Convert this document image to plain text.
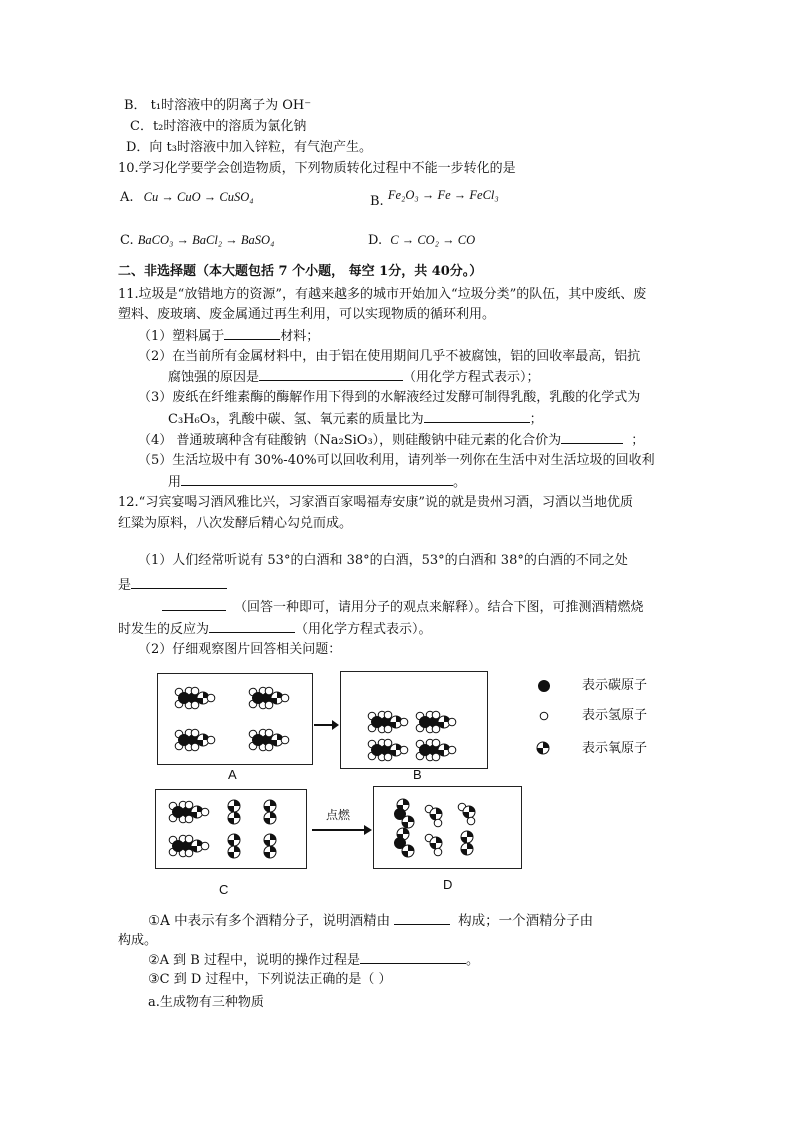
B． t₁时溶液中的阴离子为 OH⁻
C．t₂时溶液中的溶质为氯化钠
D．向 t₃时溶液中加入锌粒，有气泡产生。
10.学习化学要学会创造物质，下列物质转化过程中不能一步转化的是
A. Cu → CuO → CuSO₄	B. Fe₂O₃ → Fe → FeCl₃
C. BaCO₃ → BaCl₂ → BaSO₄	D. C → CO₂ → CO
二、非选择题（本大题包括 7 个小题， 每空 1分，共 40分。）
11.垃圾是“放错地方的资源”，有越来越多的城市开始加入“垃圾分类”的队伍，其中废纸、废
塑料、废玻璃、废金属通过再生利用，可以实现物质的循环利用。
（1）塑料属于	材料；
（2）在当前所有金属材料中，由于铝在使用期间几乎不被腐蚀，铝的回收率最高，铝抗
腐蚀强的原因是	（用化学方程式表示）；
（3）废纸在纤维素酶的酶解作用下得到的水解液经过发酵可制得乳酸，乳酸的化学式为
C₃H₆O₃，乳酸中碳、氢、氧元素的质量比为	；
（4） 普通玻璃种含有硅酸钠（Na₂SiO₃），则硅酸钠中硅元素的化合价为	；
（5）生活垃圾中有 30%-40%可以回收利用，请列举一列你在生活中对生活垃圾的回收利
用	。
12.“习宾宴喝习酒风雅比兴，习家酒百家喝福寿安康”说的就是贵州习酒，习酒以当地优质
红粱为原料，八次发酵后精心勾兑而成。
（1）人们经常听说有 53°的白酒和 38°的白酒，53°的白酒和 38°的白酒的不同之处
是
（回答一种即可，请用分子的观点来解释）。结合下图，可推测酒精燃烧
时发生的反应为	（用化学方程式表示）。
（2）仔细观察图片回答相关问题：
表示碳原子
表示氢原子
表示氧原子
A	B
点燃
C	D
①A 中表示有多个酒精分子，说明酒精由	构成；一个酒精分子由
构成。
②A 到 B 过程中，说明的操作过程是	。
③C 到 D 过程中，下列说法正确的是（ ）
a.生成物有三种物质
